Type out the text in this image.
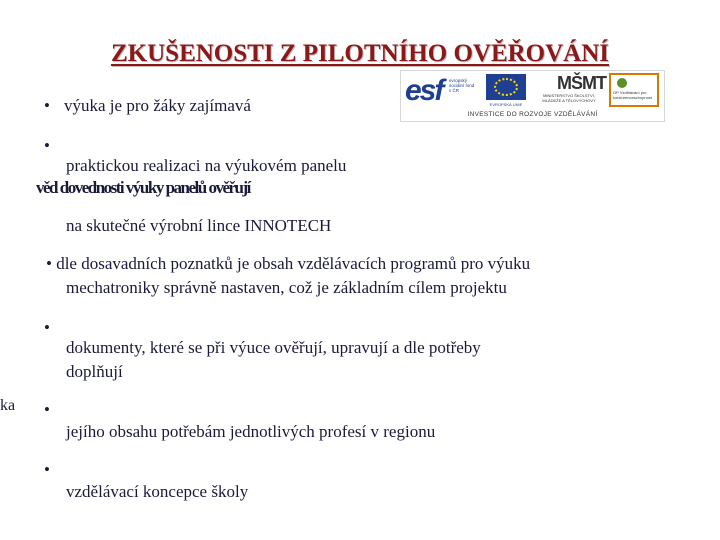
ZKUŠENOSTI Z PILOTNÍHO OVĚŘOVÁNÍ
esf	evropský sociální fond v ČR
EVROPSKÁ UNIE
MŠMT
MINISTERSTVO ŠKOLSTVÍ, MLÁDEŽE A TĚLOVÝCHOVY
OP Vzdělávání pro konkurenceschopnost
INVESTICE DO ROZVOJE VZDĚLÁVÁNÍ
• výuka je pro žáky zajímavá
•
praktickou realizaci na výukovém panelu
věd dovednosti výuky panelů ověřují
na skutečné výrobní lince INNOTECH
• dle dosavadních poznatků je obsah vzdělávacích programů pro výuku
mechatroniky správně nastaven, což je základním cílem projektu
•
dokumenty, které se při výuce ověřují, upravují a dle potřeby
doplňují
ka •
jejího obsahu potřebám jednotlivých profesí v regionu
•
vzdělávací koncepce školy
